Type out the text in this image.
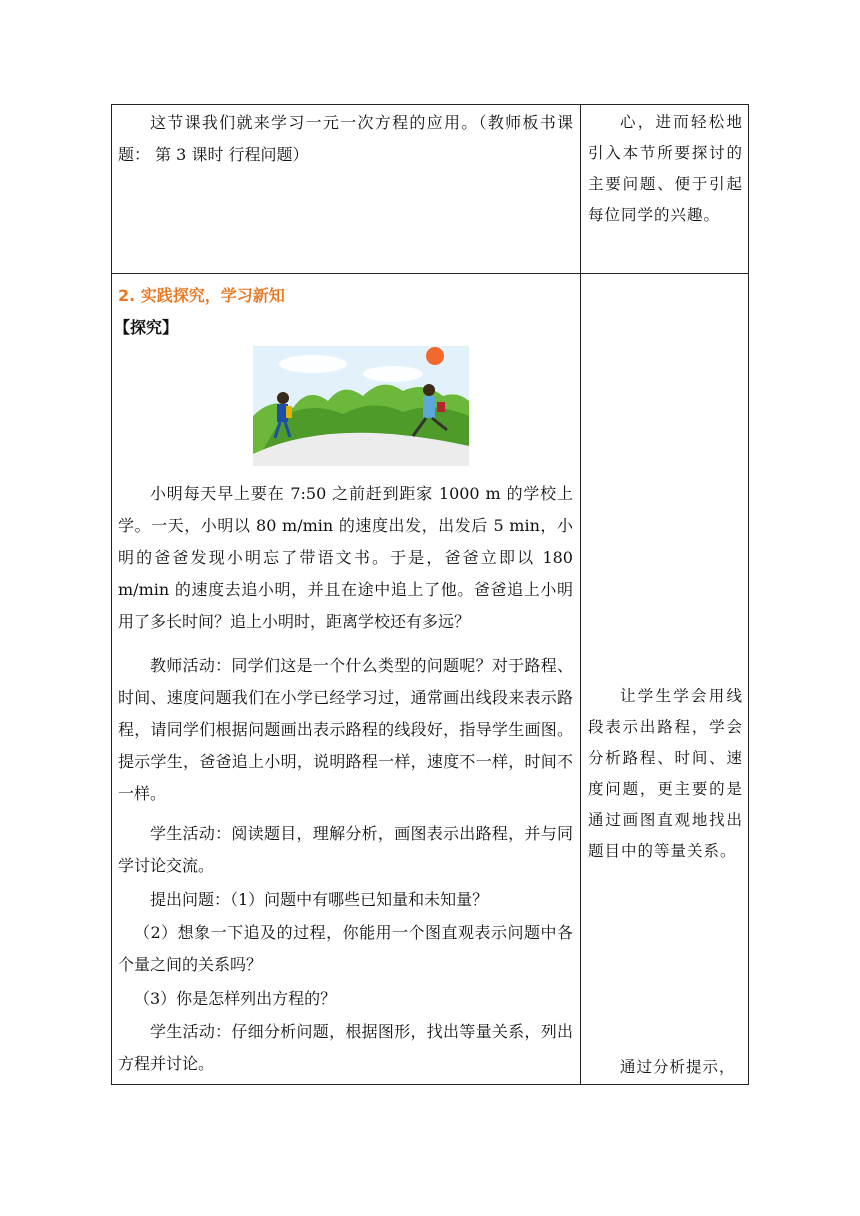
这节课我们就来学习一元一次方程的应用。（教师板书课题： 第 3 课时 行程问题）

心，进而轻松地引入本节所要探讨的主要问题、便于引起每位同学的兴趣。

2. 实践探究，学习新知
【探究】

小明每天早上要在 7:50 之前赶到距家 1000 m 的学校上学。一天，小明以 80 m/min 的速度出发，出发后 5 min，小明的爸爸发现小明忘了带语文书。于是，爸爸立即以 180 m/min 的速度去追小明，并且在途中追上了他。爸爸追上小明用了多长时间？追上小明时，距离学校还有多远？

教师活动：同学们这是一个什么类型的问题呢？对于路程、时间、速度问题我们在小学已经学习过，通常画出线段来表示路程，请同学们根据问题画出表示路程的线段好，指导学生画图。提示学生，爸爸追上小明，说明路程一样，速度不一样，时间不一样。

学生活动：阅读题目，理解分析，画图表示出路程，并与同学讨论交流。

提出问题：（1）问题中有哪些已知量和未知量？

（2）想象一下追及的过程，你能用一个图直观表示问题中各个量之间的关系吗？

（3）你是怎样列出方程的？

学生活动：仔细分析问题，根据图形，找出等量关系，列出方程并讨论。

让学生学会用线段表示出路程，学会分析路程、时间、速度问题，更主要的是通过画图直观地找出题目中的等量关系。

通过分析提示，
